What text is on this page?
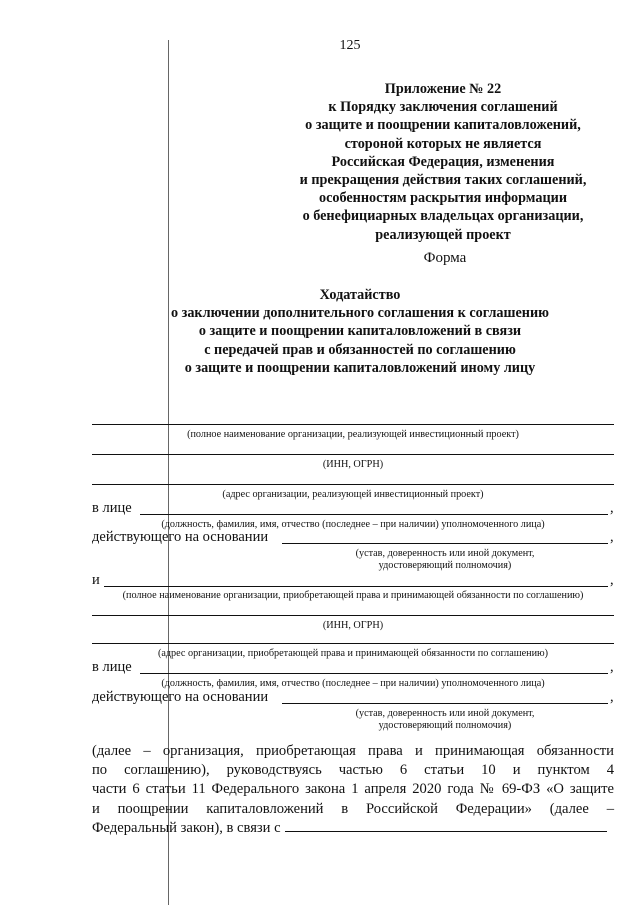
125
Приложение № 22
к Порядку заключения соглашений
о защите и поощрении капиталовложений,
стороной которых не является
Российская Федерация, изменения
и прекращения действия таких соглашений,
особенностям раскрытия информации
о бенефициарных владельцах организации,
реализующей проект
Форма
Ходатайство
о заключении дополнительного соглашения к соглашению
о защите и поощрении капиталовложений в связи
с передачей прав и обязанностей по соглашению
о защите и поощрении капиталовложений иному лицу
(полное наименование организации, реализующей инвестиционный проект)
(ИНН, ОГРН)
(адрес организации, реализующей инвестиционный проект)
в лице	,
(должность, фамилия, имя, отчество (последнее – при наличии) уполномоченного лица)
действующего на основании	,
(устав, доверенность или иной документ,
удостоверяющий полномочия)
и	,
(полное наименование организации, приобретающей права и принимающей обязанности по соглашению)
(ИНН, ОГРН)
(адрес организации, приобретающей права и принимающей обязанности по соглашению)
в лице	,
(должность, фамилия, имя, отчество (последнее – при наличии) уполномоченного лица)
действующего на основании	,
(устав, доверенность или иной документ,
удостоверяющий полномочия)
(далее – организация, приобретающая права и принимающая обязанности
по соглашению), руководствуясь частью 6 статьи 10 и пунктом 4
части 6 статьи 11 Федерального закона 1 апреля 2020 года № 69-ФЗ «О защите
и поощрении капиталовложений в Российской Федерации» (далее –
Федеральный закон), в связи с
